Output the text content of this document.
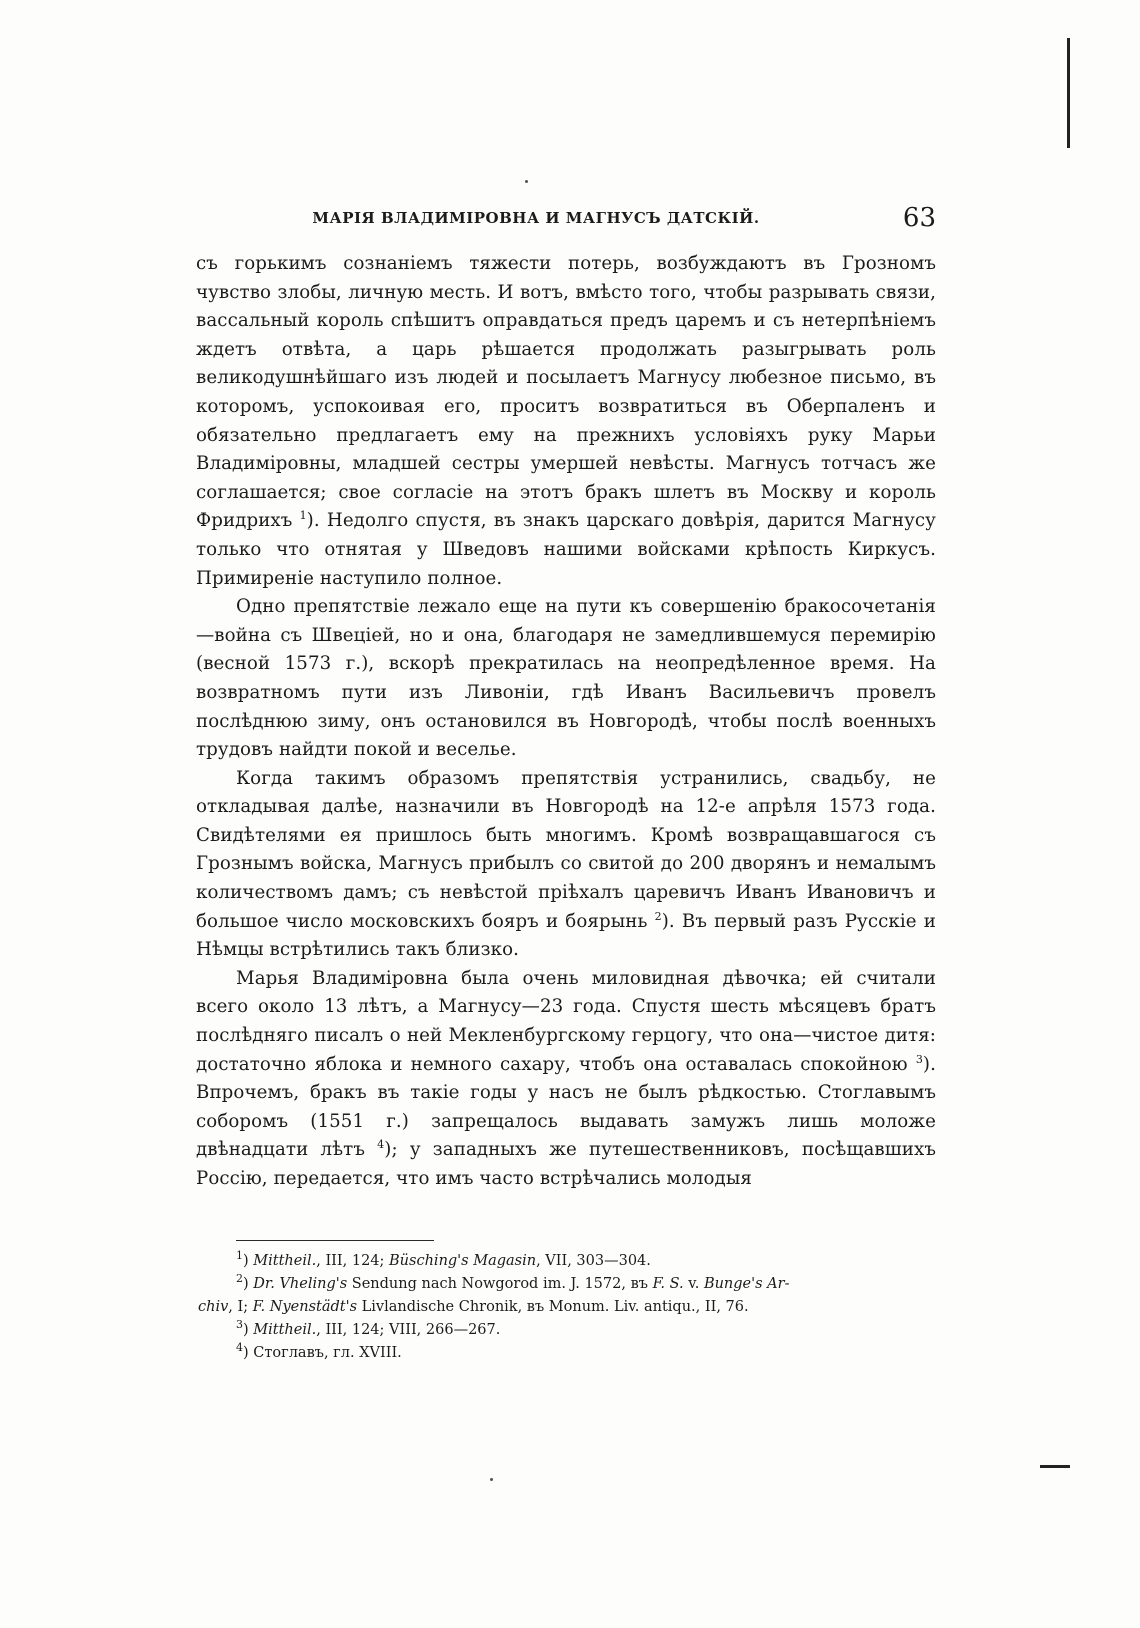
МАРІЯ ВЛАДИМІРОВНА И МАГНУСЪ ДАТСКІЙ.	63

съ горькимъ сознаніемъ тяжести потерь, возбуждаютъ въ Грозномъ чувство злобы, личную месть. И вотъ, вмѣсто того, чтобы разрывать связи, вассальный король спѣшитъ оправдаться предъ царемъ и съ нетерпѣніемъ ждетъ отвѣта, а царь рѣшается продолжать разыгрывать роль великодушнѣйшаго изъ людей и посылаетъ Магнусу любезное письмо, въ которомъ, успокоивая его, проситъ возвратиться въ Оберпаленъ и обязательно предлагаетъ ему на прежнихъ условіяхъ руку Марьи Владиміровны, младшей сестры умершей невѣсты. Магнусъ тотчасъ же соглашается; свое согласіе на этотъ бракъ шлетъ въ Москву и король Фридрихъ $^1$). Недолго спустя, въ знакъ царскаго довѣрія, дарится Магнусу только что отнятая у Шведовъ нашими войсками крѣпость Киркусъ. Примиреніе наступило полное.

Одно препятствіе лежало еще на пути къ совершенію бракосочетанія—война съ Швеціей, но и она, благодаря не замедлившемуся перемирію (весной 1573 г.), вскорѣ прекратилась на неопредѣленное время. На возвратномъ пути изъ Ливоніи, гдѣ Иванъ Васильевичъ провелъ послѣднюю зиму, онъ остановился въ Новгородѣ, чтобы послѣ военныхъ трудовъ найдти покой и веселье.

Когда такимъ образомъ препятствія устранились, свадьбу, не откладывая далѣе, назначили въ Новгородѣ на 12-е апрѣля 1573 года. Свидѣтелями ея пришлось быть многимъ. Кромѣ возвращавшагося съ Грознымъ войска, Магнусъ прибылъ со свитой до 200 дворянъ и немалымъ количествомъ дамъ; съ невѣстой пріѣхалъ царевичъ Иванъ Ивановичъ и большое число московскихъ бояръ и боярынь $^2$). Въ первый разъ Русскіе и Нѣмцы встрѣтились такъ близко.

Марья Владиміровна была очень миловидная дѣвочка; ей считали всего около 13 лѣтъ, а Магнусу—23 года. Спустя шесть мѣсяцевъ братъ послѣдняго писалъ о ней Мекленбургскому герцогу, что она—чистое дитя: достаточно яблока и немного сахару, чтобъ она оставалась спокойною $^3$). Впрочемъ, бракъ въ такіе годы у насъ не былъ рѣдкостью. Стоглавымъ соборомъ (1551 г.) запрещалось выдавать замужъ лишь моложе двѣнадцати лѣтъ $^4$); у западныхъ же путешественниковъ, посѣщавшихъ Россію, передается, что имъ часто встрѣчались молодыя

$^1$) Mittheil., III, 124; Büsching's Magasin, VII, 303—304.

$^2$) Dr. Vheling's Sendung nach Nowgorod im. J. 1572, въ F. S. v. Bunge's Ar-

chiv, I; F. Nyenstädt's Livlandische Chronik, въ Monum. Liv. antiqu., II, 76.

$^3$) Mittheil., III, 124; VIII, 266—267.

$^4$) Стоглавъ, гл. XVIII.
